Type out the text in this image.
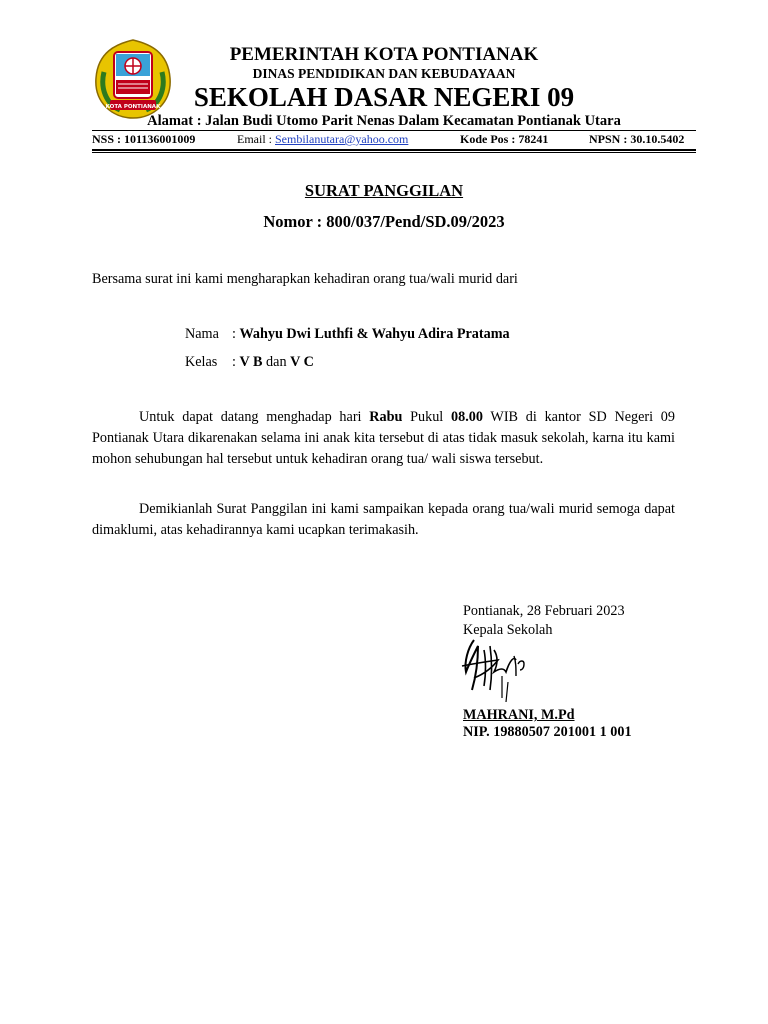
KOTA PONTIANAK
PEMERINTAH KOTA PONTIANAK
DINAS PENDIDIKAN DAN KEBUDAYAAN
SEKOLAH DASAR NEGERI 09
Alamat : Jalan Budi Utomo Parit Nenas Dalam Kecamatan Pontianak Utara
NSS : 101136001009	Email : Sembilanutara@yahoo.com	Kode Pos : 78241	NPSN : 30.10.5402
SURAT PANGGILAN
Nomor : 800/037/Pend/SD.09/2023
Bersama surat ini kami mengharapkan kehadiran orang tua/wali murid dari
Nama : Wahyu Dwi Luthfi & Wahyu Adira Pratama
Kelas : V B dan V C
Untuk dapat datang menghadap hari Rabu Pukul 08.00 WIB di kantor SD Negeri 09 Pontianak Utara dikarenakan selama ini anak kita tersebut di atas tidak masuk sekolah, karna itu kami mohon sehubungan hal tersebut untuk kehadiran orang tua/ wali siswa tersebut.
Demikianlah Surat Panggilan ini kami sampaikan kepada orang tua/wali murid semoga dapat dimaklumi, atas kehadirannya kami ucapkan terimakasih.
Pontianak, 28 Februari 2023
Kepala Sekolah
MAHRANI, M.Pd
NIP. 19880507 201001 1 001
